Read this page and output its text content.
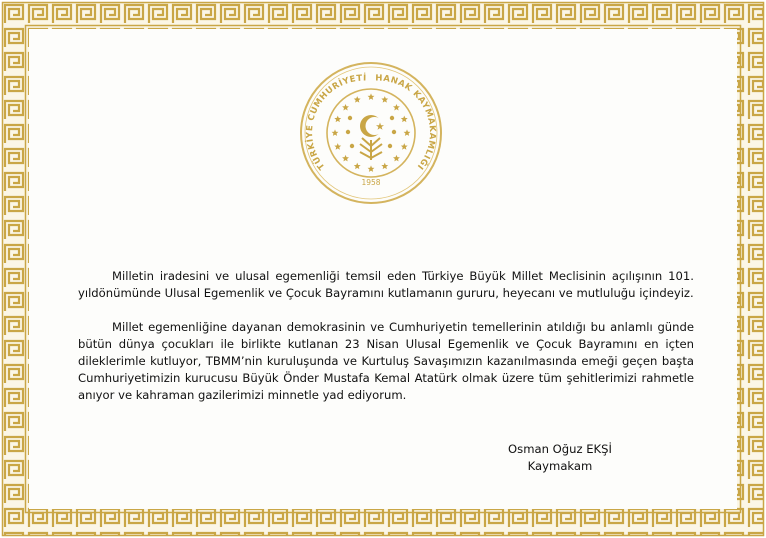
TÜRKİYE CUMHURİYETİ HANAK KAYMAKAMLIĞI
1958

Milletin iradesini ve ulusal egemenliği temsil eden Türkiye Büyük Millet Meclisinin açılışının 101. yıldönümünde Ulusal Egemenlik ve Çocuk Bayramını kutlamanın gururu, heyecanı ve mutluluğu içindeyiz.

Millet egemenliğine dayanan demokrasinin ve Cumhuriyetin temellerinin atıldığı bu anlamlı günde bütün dünya çocukları ile birlikte kutlanan 23 Nisan Ulusal Egemenlik ve Çocuk Bayramını en içten dileklerimle kutluyor, TBMM’nin kuruluşunda ve Kurtuluş Savaşımızın kazanılmasında emeği geçen başta Cumhuriyetimizin kurucusu Büyük Önder Mustafa Kemal Atatürk olmak üzere tüm şehitlerimizi rahmetle anıyor ve kahraman gazilerimizi minnetle yad ediyorum.

Osman Oğuz EKŞİ
Kaymakam
